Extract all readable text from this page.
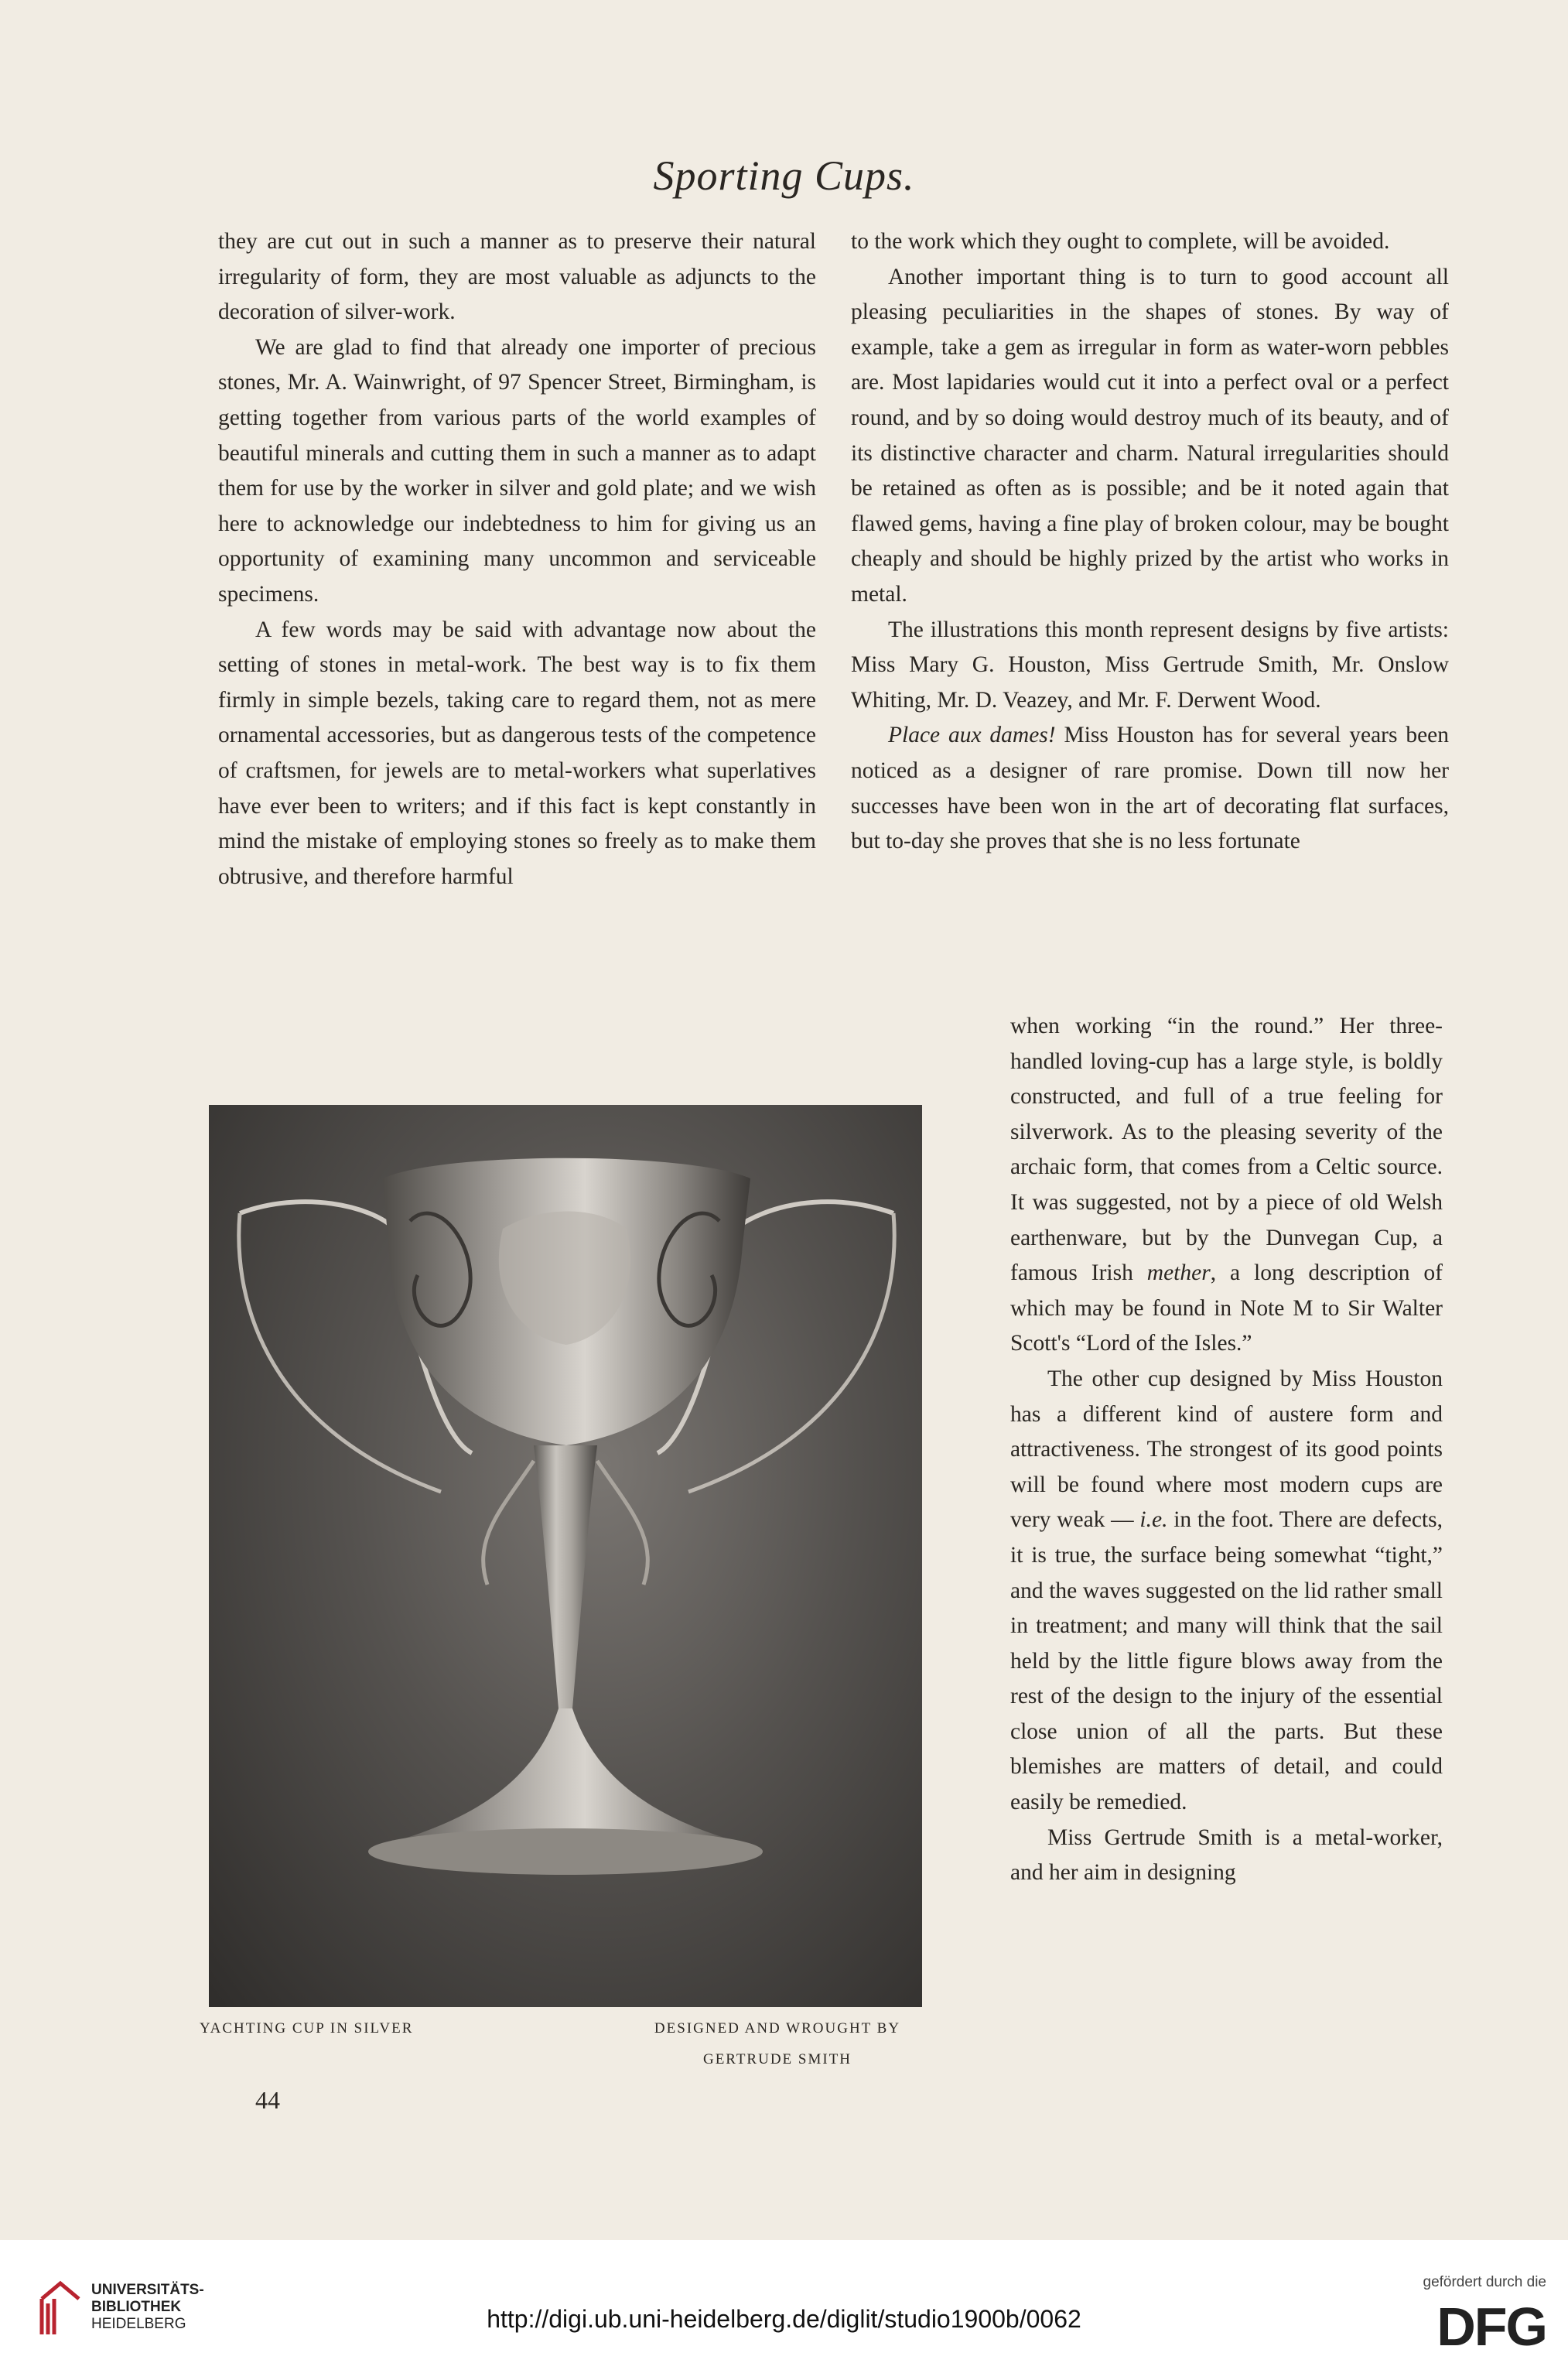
Sporting Cups.

they are cut out in such a manner as to preserve their natural irregularity of form, they are most valuable as adjuncts to the decoration of silver-work.

We are glad to find that already one importer of precious stones, Mr. A. Wainwright, of 97 Spencer Street, Birmingham, is getting together from various parts of the world examples of beautiful minerals and cutting them in such a manner as to adapt them for use by the worker in silver and gold plate; and we wish here to acknowledge our indebtedness to him for giving us an opportunity of examining many uncommon and serviceable specimens.

A few words may be said with advantage now about the setting of stones in metal-work. The best way is to fix them firmly in simple bezels, taking care to regard them, not as mere ornamental accessories, but as dangerous tests of the competence of craftsmen, for jewels are to metal-workers what superlatives have ever been to writers; and if this fact is kept constantly in mind the mistake of employing stones so freely as to make them obtrusive, and therefore harmful

to the work which they ought to complete, will be avoided.

Another important thing is to turn to good account all pleasing peculiarities in the shapes of stones. By way of example, take a gem as irregular in form as water-worn pebbles are. Most lapidaries would cut it into a perfect oval or a perfect round, and by so doing would destroy much of its beauty, and of its distinctive character and charm. Natural irregularities should be retained as often as is possible; and be it noted again that flawed gems, having a fine play of broken colour, may be bought cheaply and should be highly prized by the artist who works in metal.

The illustrations this month represent designs by five artists: Miss Mary G. Houston, Miss Gertrude Smith, Mr. Onslow Whiting, Mr. D. Veazey, and Mr. F. Derwent Wood.

Place aux dames! Miss Houston has for several years been noticed as a designer of rare promise. Down till now her successes have been won in the art of decorating flat surfaces, but to-day she proves that she is no less fortunate

when working “in the round.” Her three-handled loving-cup has a large style, is boldly constructed, and full of a true feeling for silverwork. As to the pleasing severity of the archaic form, that comes from a Celtic source. It was suggested, not by a piece of old Welsh earthenware, but by the Dunvegan Cup, a famous Irish mether, a long description of which may be found in Note M to Sir Walter Scott's “Lord of the Isles.”

The other cup designed by Miss Houston has a different kind of austere form and attractiveness. The strongest of its good points will be found where most modern cups are very weak — i.e. in the foot. There are defects, it is true, the surface being somewhat “tight,” and the waves suggested on the lid rather small in treatment; and many will think that the sail held by the little figure blows away from the rest of the design to the injury of the essential close union of all the parts. But these blemishes are matters of detail, and could easily be remedied.

Miss Gertrude Smith is a metal-worker, and her aim in designing

YACHTING CUP IN SILVER	DESIGNED AND WROUGHT BY
GERTRUDE SMITH
44
UNIVERSITÄTS-
BIBLIOTHEK
HEIDELBERG	http://digi.ub.uni-heidelberg.de/diglit/studio1900b/0062
gefördert durch die
DFG
